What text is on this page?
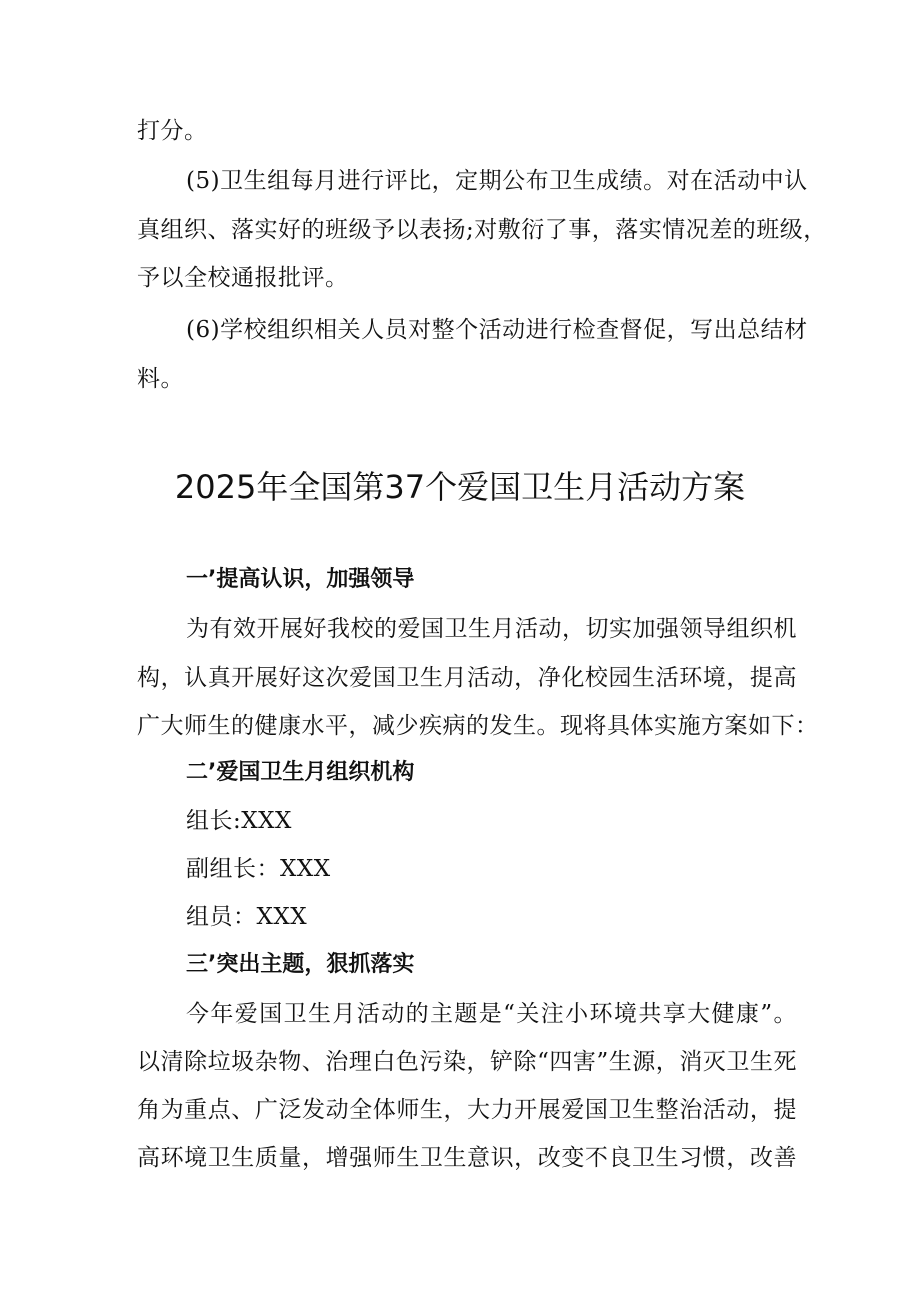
打分。
(5)卫生组每月进行评比，定期公布卫生成绩。对在活动中认
真组织、落实好的班级予以表扬;对敷衍了事，落实情况差的班级，
予以全校通报批评。
(6)学校组织相关人员对整个活动进行检查督促，写出总结材
料。
2025年全国第37个爱国卫生月活动方案
一’提高认识，加强领导
为有效开展好我校的爱国卫生月活动，切实加强领导组织机
构，认真开展好这次爱国卫生月活动，净化校园生活环境，提高
广大师生的健康水平，减少疾病的发生。现将具体实施方案如下：
二’爱国卫生月组织机构
组长:XXX
副组长：XXX
组员：XXX
三’突出主题，狠抓落实
今年爱国卫生月活动的主题是“关注小环境共享大健康”。
以清除垃圾杂物、治理白色污染，铲除“四害”生源，消灭卫生死
角为重点、广泛发动全体师生，大力开展爱国卫生整治活动，提
高环境卫生质量，增强师生卫生意识，改变不良卫生习惯，改善
